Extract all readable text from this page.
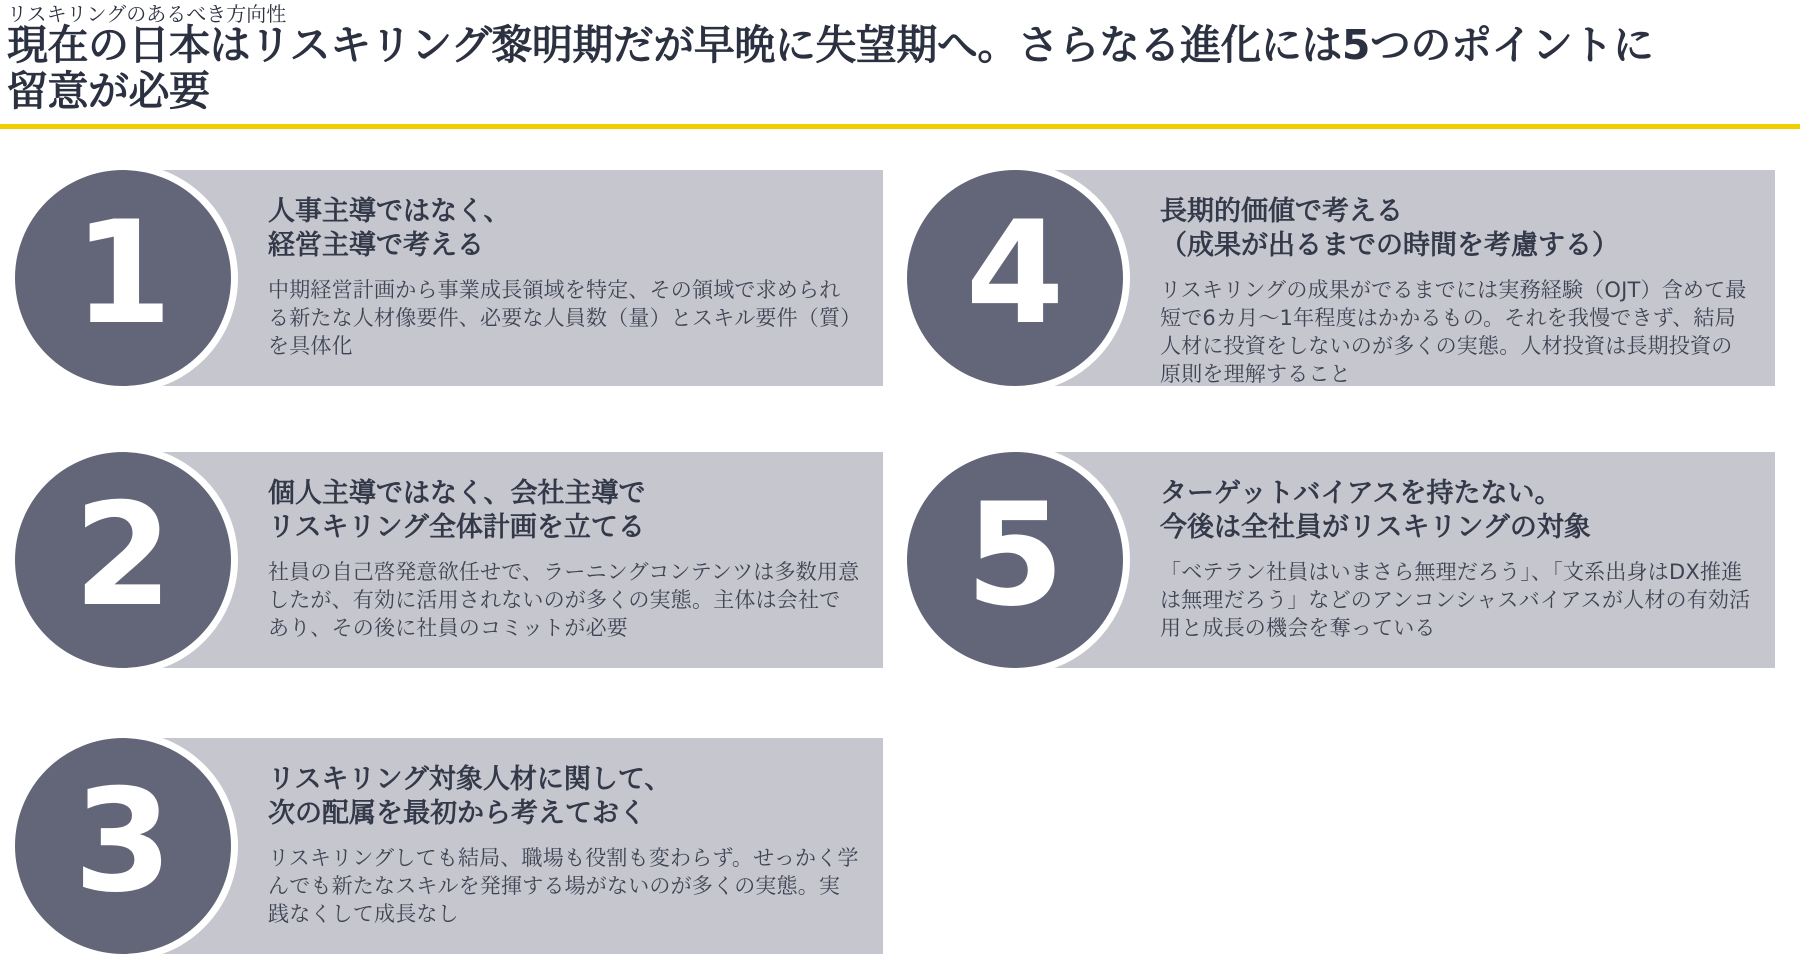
リスキリングのあるべき方向性
現在の日本はリスキリング黎明期だが早晩に失望期へ。さらなる進化には5つのポイントに
留意が必要
人事主導ではなく、
経営主導で考える

中期経営計画から事業成長領域を特定、その領域で求められる新たな人材像要件、必要な人員数（量）とスキル要件（質）を具体化

1
個人主導ではなく、会社主導で
リスキリング全体計画を立てる

社員の自己啓発意欲任せで、ラーニングコンテンツは多数用意したが、有効に活用されないのが多くの実態。主体は会社であり、その後に社員のコミットが必要

2
リスキリング対象人材に関して、
次の配属を最初から考えておく

リスキリングしても結局、職場も役割も変わらず。せっかく学んでも新たなスキルを発揮する場がないのが多くの実態。実践なくして成長なし

3
長期的価値で考える
（成果が出るまでの時間を考慮する）

リスキリングの成果がでるまでには実務経験（OJT）含めて最短で6カ月～1年程度はかかるもの。それを我慢できず、結局人材に投資をしないのが多くの実態。人材投資は長期投資の原則を理解すること

4
ターゲットバイアスを持たない。
今後は全社員がリスキリングの対象

「ベテラン社員はいまさら無理だろう」、「文系出身はDX推進は無理だろう」などのアンコンシャスバイアスが人材の有効活用と成長の機会を奪っている

5
